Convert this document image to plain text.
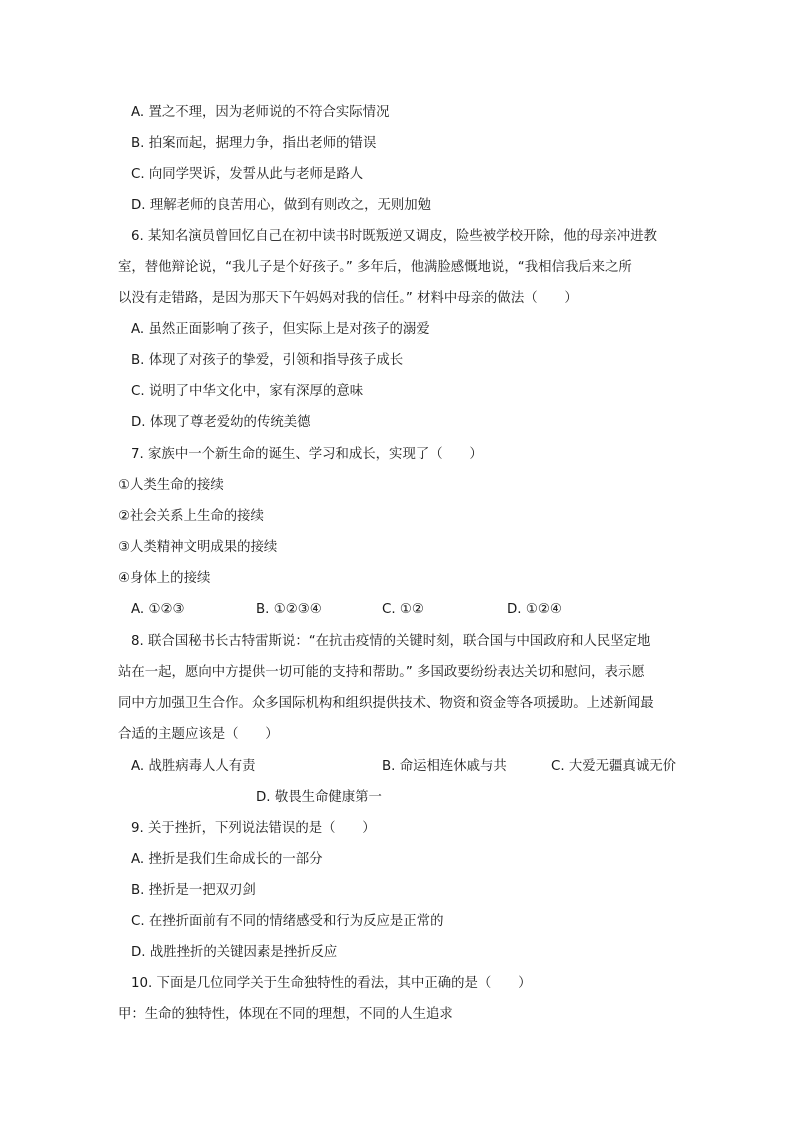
A. 置之不理，因为老师说的不符合实际情况
B. 拍案而起，据理力争，指出老师的错误
C. 向同学哭诉，发誓从此与老师是路人
D. 理解老师的良苦用心，做到有则改之，无则加勉
6. 某知名演员曾回忆自己在初中读书时既叛逆又调皮，险些被学校开除，他的母亲冲进教
室，替他辩论说，“我儿子是个好孩子。” 多年后，他满脸感慨地说，“我相信我后来之所
以没有走错路，是因为那天下午妈妈对我的信任。” 材料中母亲的做法（　　）
A. 虽然正面影响了孩子，但实际上是对孩子的溺爱
B. 体现了对孩子的挚爱，引领和指导孩子成长
C. 说明了中华文化中，家有深厚的意味
D. 体现了尊老爱幼的传统美德
7. 家族中一个新生命的诞生、学习和成长，实现了（　　）
①人类生命的接续
②社会关系上生命的接续
③人类精神文明成果的接续
④身体上的接续
A. ①②③	B. ①②③④	C. ①②	D. ①②④
8. 联合国秘书长古特雷斯说：“在抗击疫情的关键时刻，联合国与中国政府和人民坚定地
站在一起，愿向中方提供一切可能的支持和帮助。” 多国政要纷纷表达关切和慰问，表示愿
同中方加强卫生合作。众多国际机构和组织提供技术、物资和资金等各项援助。上述新闻最
合适的主题应该是（　　）
A. 战胜病毒人人有责	B. 命运相连休戚与共	C. 大爱无疆真诚无价
D. 敬畏生命健康第一
9. 关于挫折，下列说法错误的是（　　）
A. 挫折是我们生命成长的一部分
B. 挫折是一把双刃剑
C. 在挫折面前有不同的情绪感受和行为反应是正常的
D. 战胜挫折的关键因素是挫折反应
10. 下面是几位同学关于生命独特性的看法，其中正确的是（　　）
甲：生命的独特性，体现在不同的理想，不同的人生追求
